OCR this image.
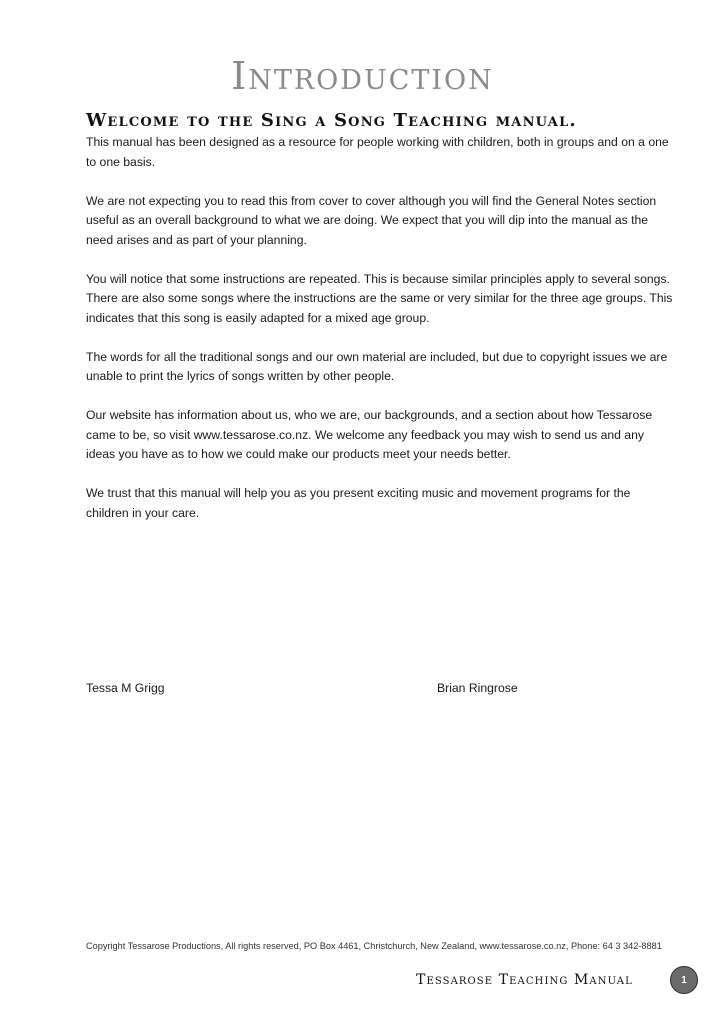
Introduction
Welcome to the Sing a Song Teaching manual.

This manual has been designed as a resource for people working with children, both in groups and on a one to one basis.

We are not expecting you to read this from cover to cover although you will find the General Notes section useful as an overall background to what we are doing. We expect that you will dip into the manual as the need arises and as part of your planning.

You will notice that some instructions are repeated. This is because similar principles apply to several songs. There are also some songs where the instructions are the same or very similar for the three age groups. This indicates that this song is easily adapted for a mixed age group.

The words for all the traditional songs and our own material are included, but due to copyright issues we are unable to print the lyrics of songs written by other people.

Our website has information about us, who we are, our backgrounds, and a section about how Tessarose came to be, so visit www.tessarose.co.nz. We welcome any feedback you may wish to send us and any ideas you have as to how we could make our products meet your needs better.

We trust that this manual will help you as you present exciting music and movement programs for the children in your care.

Tessa M Grigg	Brian Ringrose
Copyright Tessarose Productions, All rights reserved, PO Box 4461, Christchurch, New Zealand, www.tessarose.co.nz, Phone: 64 3 342-8881
Tessarose Teaching Manual	1
